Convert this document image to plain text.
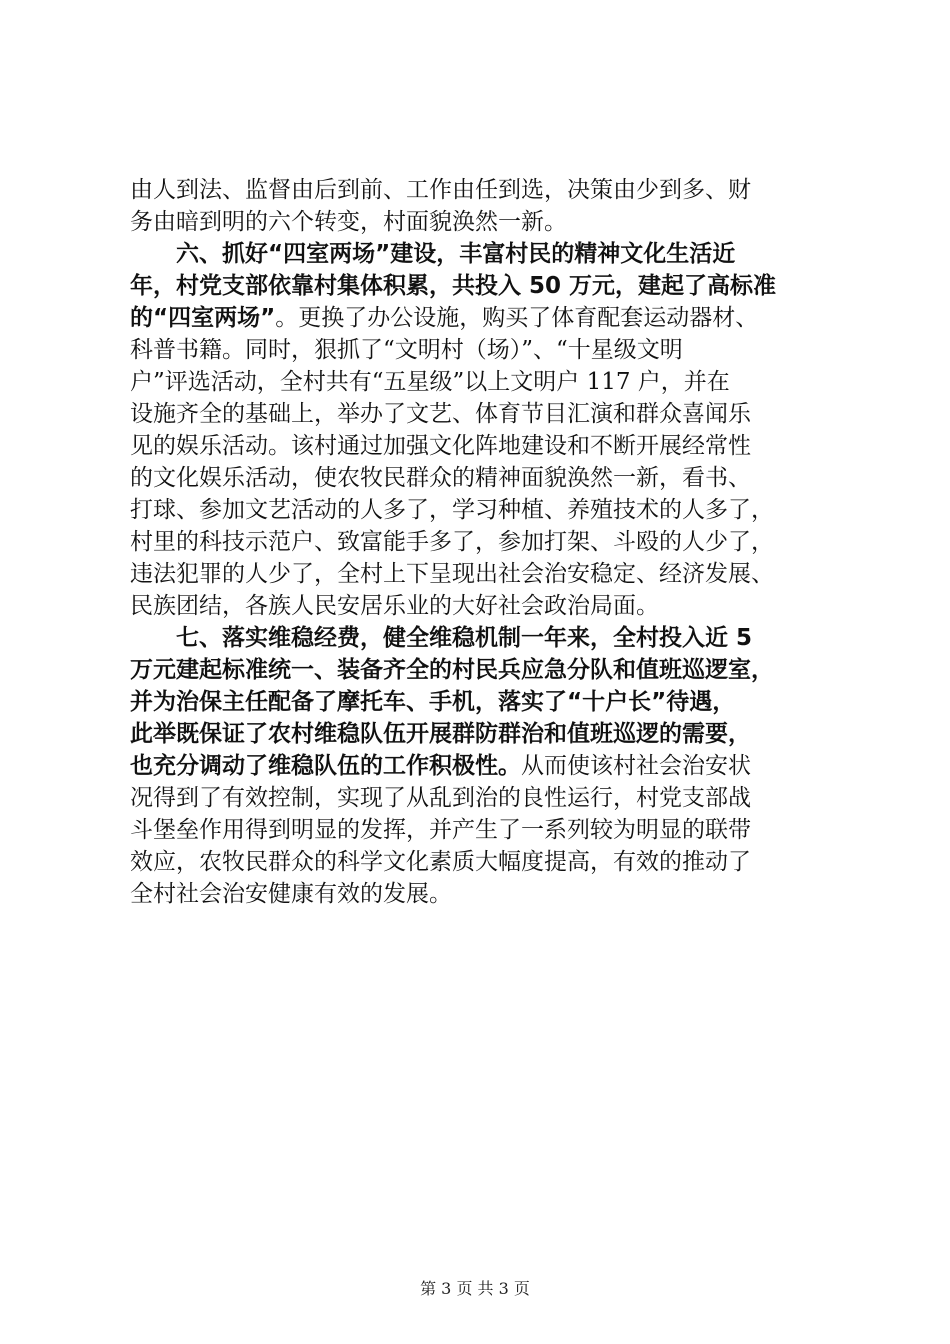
由人到法、监督由后到前、工作由任到选，决策由少到多、财
务由暗到明的六个转变，村面貌涣然一新。
六、抓好“四室两场”建设，丰富村民的精神文化生活近
年，村党支部依靠村集体积累，共投入 50 万元，建起了高标准
的“四室两场”。更换了办公设施，购买了体育配套运动器材、
科普书籍。同时，狠抓了“文明村（场）”、“十星级文明
户”评选活动，全村共有“五星级”以上文明户 117 户，并在
设施齐全的基础上，举办了文艺、体育节目汇演和群众喜闻乐
见的娱乐活动。该村通过加强文化阵地建设和不断开展经常性
的文化娱乐活动，使农牧民群众的精神面貌涣然一新，看书、
打球、参加文艺活动的人多了，学习种植、养殖技术的人多了，
村里的科技示范户、致富能手多了，参加打架、斗殴的人少了，
违法犯罪的人少了，全村上下呈现出社会治安稳定、经济发展、
民族团结，各族人民安居乐业的大好社会政治局面。
七、落实维稳经费，健全维稳机制一年来，全村投入近 5
万元建起标准统一、装备齐全的村民兵应急分队和值班巡逻室，
并为治保主任配备了摩托车、手机，落实了“十户长”待遇，
此举既保证了农村维稳队伍开展群防群治和值班巡逻的需要，
也充分调动了维稳队伍的工作积极性。从而使该村社会治安状
况得到了有效控制，实现了从乱到治的良性运行，村党支部战
斗堡垒作用得到明显的发挥，并产生了一系列较为明显的联带
效应，农牧民群众的科学文化素质大幅度提高，有效的推动了
全村社会治安健康有效的发展。
第 3 页 共 3 页
